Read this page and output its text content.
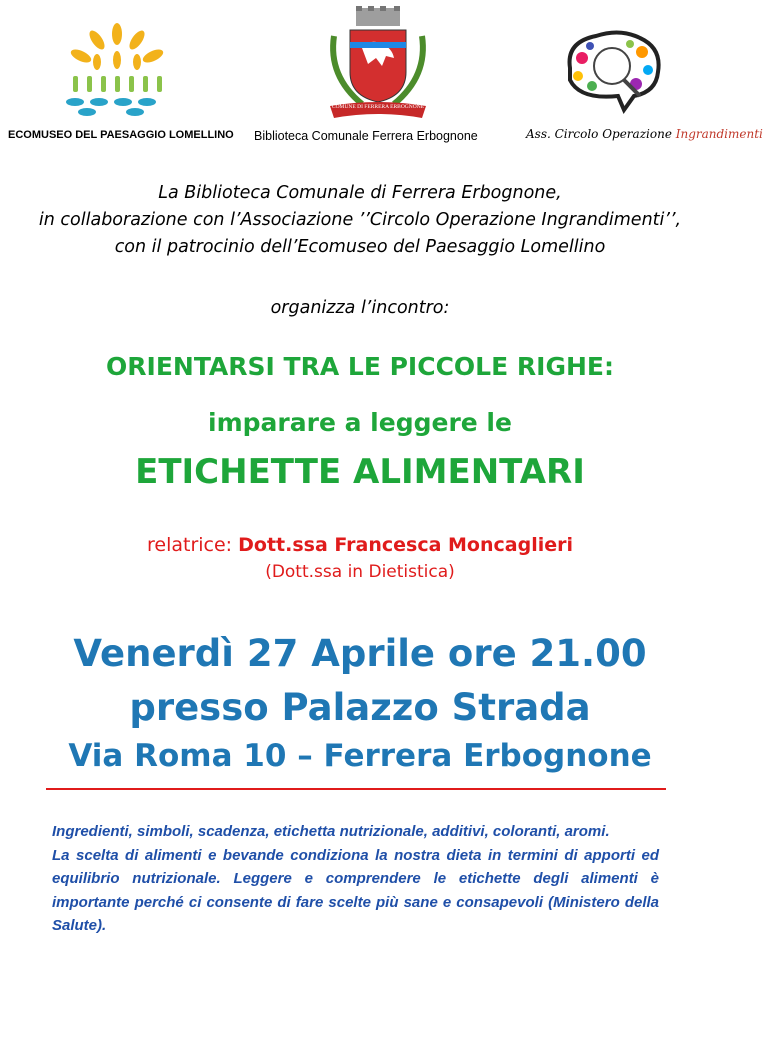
COMUNE DI FERRERA ERBOGNONE
ECOMUSEO DEL PAESAGGIO LOMELLINO	Biblioteca Comunale Ferrera Erbognone	Ass. Circolo Operazione Ingrandimenti
La Biblioteca Comunale di Ferrera Erbognone,
in collaborazione con l’Associazione ’’Circolo Operazione Ingrandimenti’’,
con il patrocinio dell’Ecomuseo del Paesaggio Lomellino
organizza l’incontro:
ORIENTARSI TRA LE PICCOLE RIGHE:
imparare a leggere le
ETICHETTE ALIMENTARI
relatrice: Dott.ssa Francesca Moncaglieri
(Dott.ssa in Dietistica)
Venerdì 27 Aprile ore 21.00
presso Palazzo Strada
Via Roma 10 – Ferrera Erbognone

Ingredienti, simboli, scadenza, etichetta nutrizionale, additivi, coloranti, aromi.

La scelta di alimenti e bevande condiziona la nostra dieta in termini di apporti ed equilibrio nutrizionale. Leggere e comprendere le etichette degli alimenti è importante perché ci consente di fare scelte più sane e consapevoli (Ministero della Salute).
